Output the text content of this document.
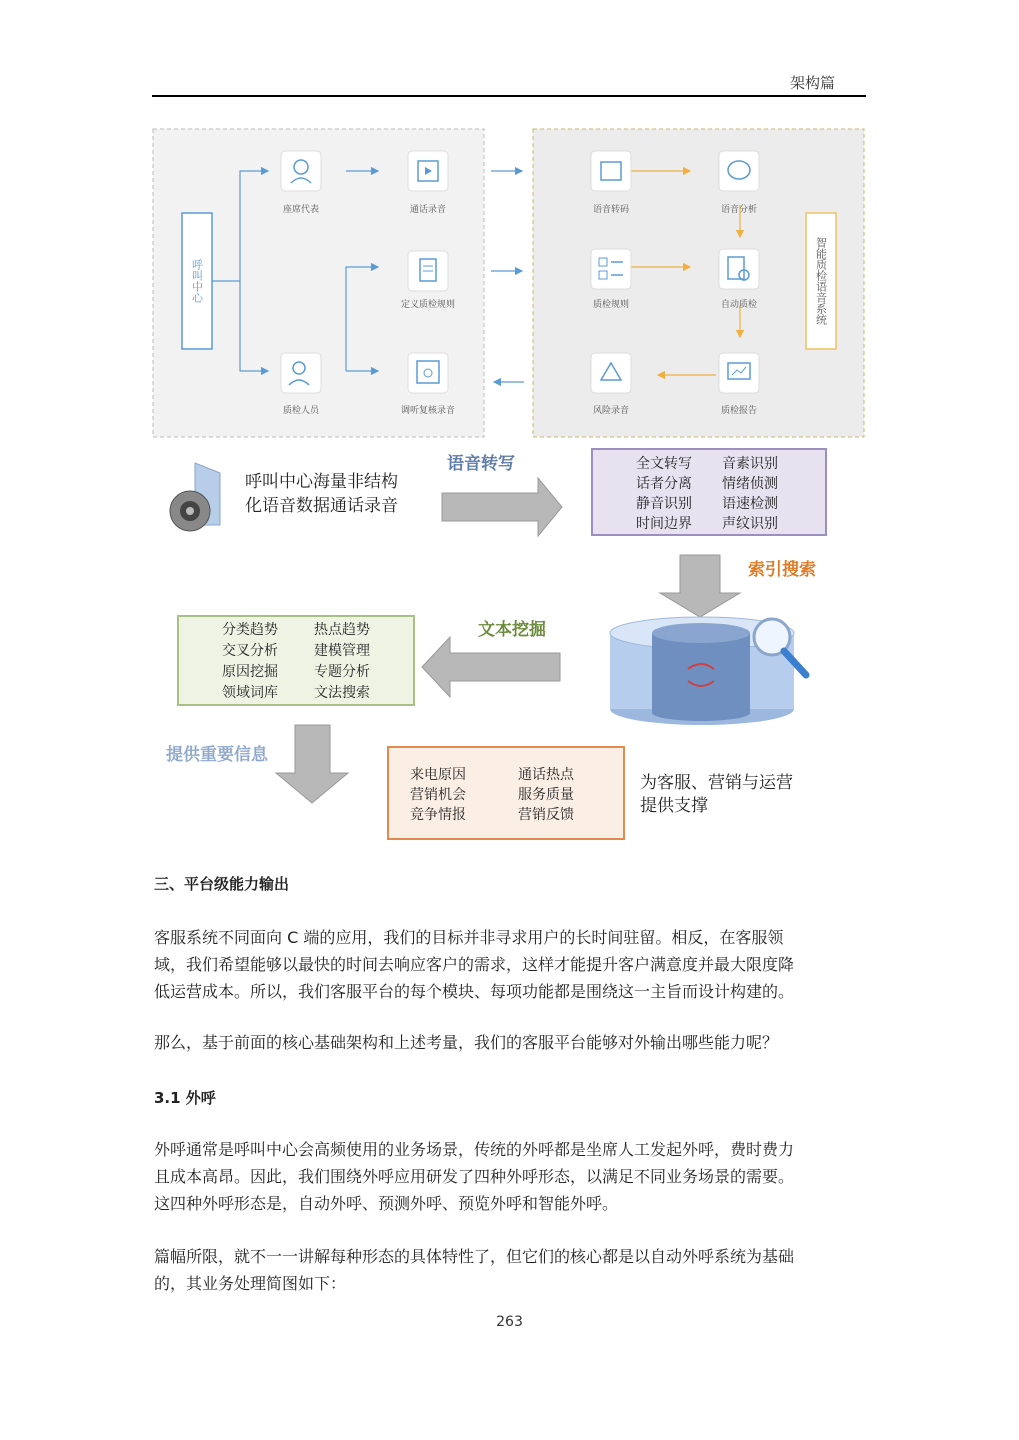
架构篇
呼叫中心	智能质检语音系统
座席代表	通话录音
定义质检规则
质检人员	调听复核录音
语音转码	语音分析
质检规则	自动质检
风险录音	质检报告
呼叫中心海量非结构
化语音数据通话录音
语音转写	全文转写 音素识别
话者分离 情绪侦测
静音识别 语速检测
时间边界 声纹识别
索引搜索
文本挖掘
分类趋势	热点趋势
交叉分析	建模管理
原因挖掘	专题分析
领域词库	文法搜索
提供重要信息
来电原因	通话热点
营销机会	服务质量
竞争情报	营销反馈
为客服、营销与运营
提供支撑
三、平台级能力输出
客服系统不同面向 C 端的应用，我们的目标并非寻求用户的长时间驻留。相反，在客服领
域，我们希望能够以最快的时间去响应客户的需求，这样才能提升客户满意度并最大限度降
低运营成本。所以，我们客服平台的每个模块、每项功能都是围绕这一主旨而设计构建的。
那么，基于前面的核心基础架构和上述考量，我们的客服平台能够对外输出哪些能力呢？
3.1 外呼
外呼通常是呼叫中心会高频使用的业务场景，传统的外呼都是坐席人工发起外呼，费时费力
且成本高昂。因此，我们围绕外呼应用研发了四种外呼形态，以满足不同业务场景的需要。
这四种外呼形态是，自动外呼、预测外呼、预览外呼和智能外呼。
篇幅所限，就不一一讲解每种形态的具体特性了，但它们的核心都是以自动外呼系统为基础
的，其业务处理简图如下：
263
